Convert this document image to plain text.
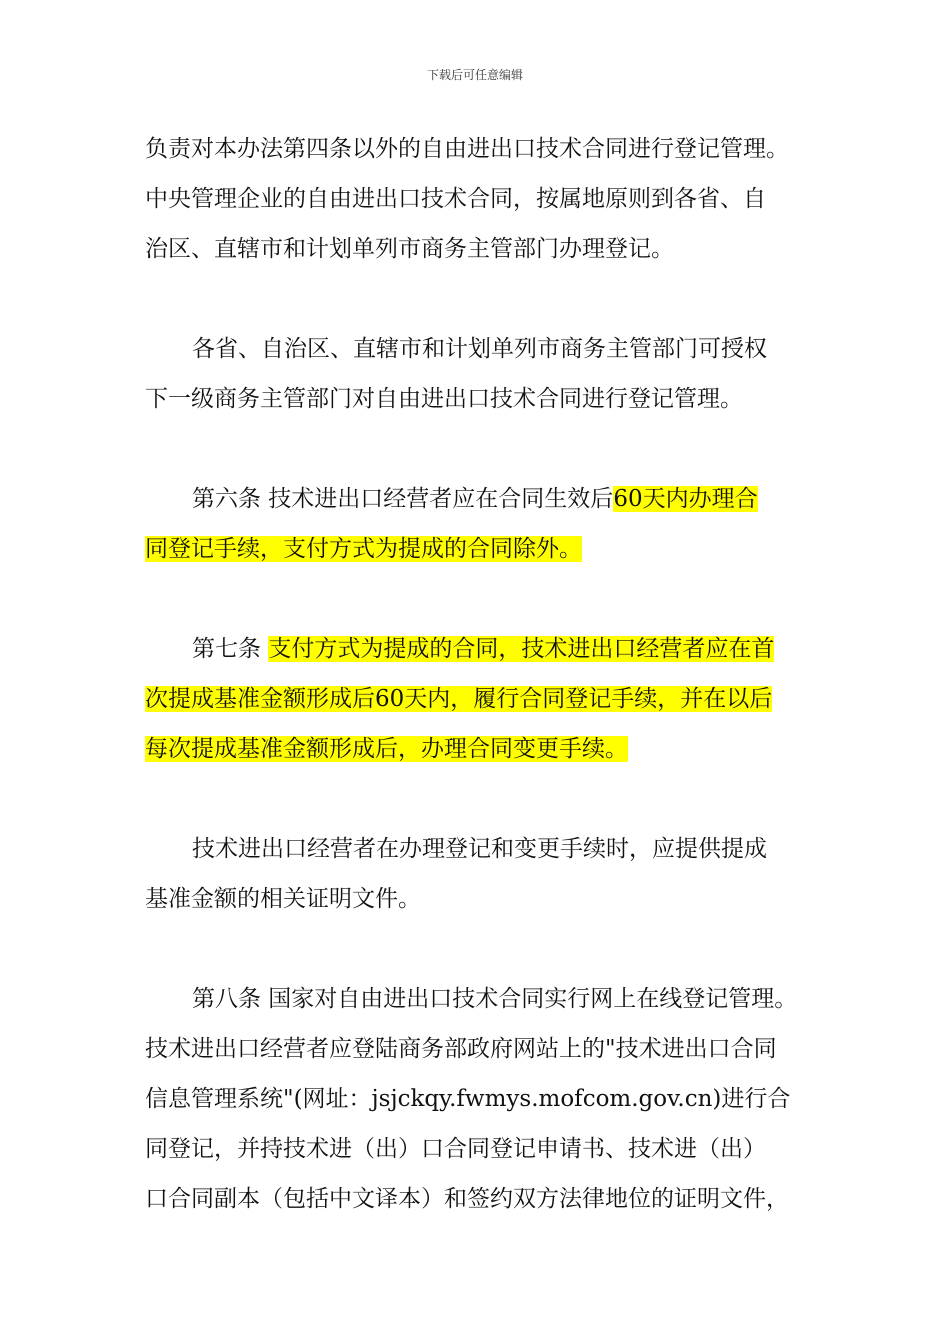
下载后可任意编辑
负责对本办法第四条以外的自由进出口技术合同进行登记管理。
中央管理企业的自由进出口技术合同，按属地原则到各省、自
治区、直辖市和计划单列市商务主管部门办理登记。
各省、自治区、直辖市和计划单列市商务主管部门可授权
下一级商务主管部门对自由进出口技术合同进行登记管理。
第六条 技术进出口经营者应在合同生效后60天内办理合
同登记手续，支付方式为提成的合同除外。
第七条 支付方式为提成的合同，技术进出口经营者应在首
次提成基准金额形成后60天内，履行合同登记手续，并在以后
每次提成基准金额形成后，办理合同变更手续。
技术进出口经营者在办理登记和变更手续时，应提供提成
基准金额的相关证明文件。
第八条 国家对自由进出口技术合同实行网上在线登记管理。
技术进出口经营者应登陆商务部政府网站上的"技术进出口合同
信息管理系统"(网址：jsjckqy.fwmys.mofcom.gov.cn)进行合
同登记，并持技术进（出）口合同登记申请书、技术进（出）
口合同副本（包括中文译本）和签约双方法律地位的证明文件，
